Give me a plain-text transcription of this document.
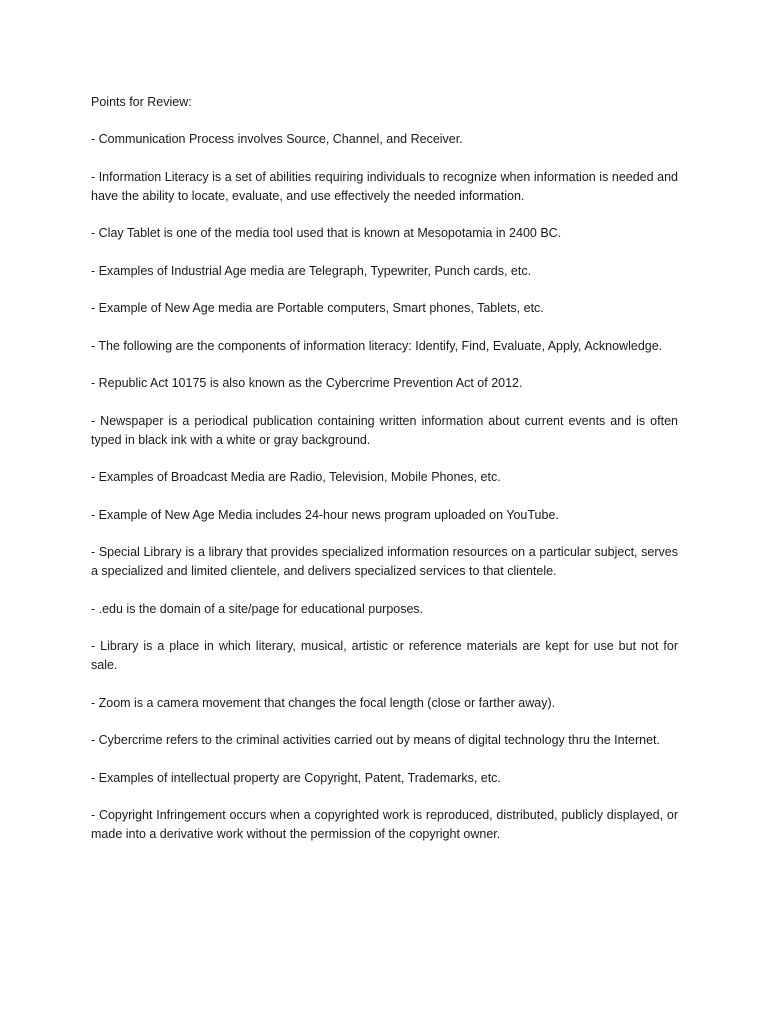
Points for Review:

- Communication Process involves Source, Channel, and Receiver.

- Information Literacy is a set of abilities requiring individuals to recognize when information is needed and have the ability to locate, evaluate, and use effectively the needed information.

- Clay Tablet is one of the media tool used that is known at Mesopotamia in 2400 BC.

- Examples of Industrial Age media are Telegraph, Typewriter, Punch cards, etc.

- Example of New Age media are Portable computers, Smart phones, Tablets, etc.

- The following are the components of information literacy: Identify, Find, Evaluate, Apply, Acknowledge.

- Republic Act 10175 is also known as the Cybercrime Prevention Act of 2012.

- Newspaper is a periodical publication containing written information about current events and is often typed in black ink with a white or gray background.

- Examples of Broadcast Media are Radio, Television, Mobile Phones, etc.

- Example of New Age Media includes 24-hour news program uploaded on YouTube.

- Special Library is a library that provides specialized information resources on a particular subject, serves a specialized and limited clientele, and delivers specialized services to that clientele.

- .edu is the domain of a site/page for educational purposes.

- Library is a place in which literary, musical, artistic or reference materials are kept for use but not for sale.

- Zoom is a camera movement that changes the focal length (close or farther away).

- Cybercrime refers to the criminal activities carried out by means of digital technology thru the Internet.

- Examples of intellectual property are Copyright, Patent, Trademarks, etc.

- Copyright Infringement occurs when a copyrighted work is reproduced, distributed, publicly displayed, or made into a derivative work without the permission of the copyright owner.
